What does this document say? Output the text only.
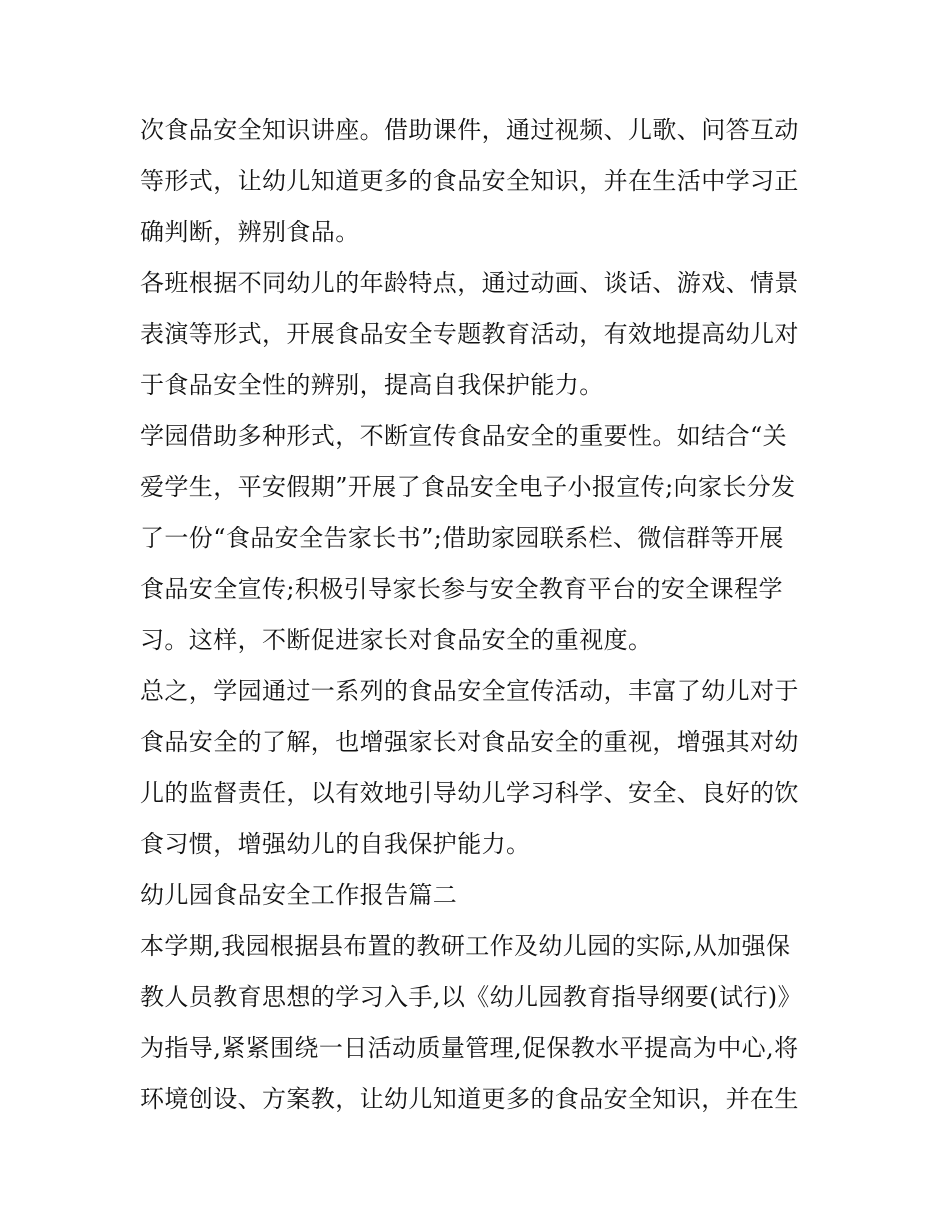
次食品安全知识讲座。借助课件，通过视频、儿歌、问答互动
等形式，让幼儿知道更多的食品安全知识，并在生活中学习正
确判断，辨别食品。
各班根据不同幼儿的年龄特点，通过动画、谈话、游戏、情景
表演等形式，开展食品安全专题教育活动，有效地提高幼儿对
于食品安全性的辨别，提高自我保护能力。
学园借助多种形式，不断宣传食品安全的重要性。如结合“关
爱学生，平安假期”开展了食品安全电子小报宣传;向家长分发
了一份“食品安全告家长书”;借助家园联系栏、微信群等开展
食品安全宣传;积极引导家长参与安全教育平台的安全课程学
习。这样，不断促进家长对食品安全的重视度。
总之，学园通过一系列的食品安全宣传活动，丰富了幼儿对于
食品安全的了解，也增强家长对食品安全的重视，增强其对幼
儿的监督责任，以有效地引导幼儿学习科学、安全、良好的饮
食习惯，增强幼儿的自我保护能力。
幼儿园食品安全工作报告篇二
本学期,我园根据县布置的教研工作及幼儿园的实际,从加强保
教人员教育思想的学习入手,以《幼儿园教育指导纲要(试行)》
为指导,紧紧围绕一日活动质量管理,促保教水平提高为中心,将
环境创设、方案教，让幼儿知道更多的食品安全知识，并在生
